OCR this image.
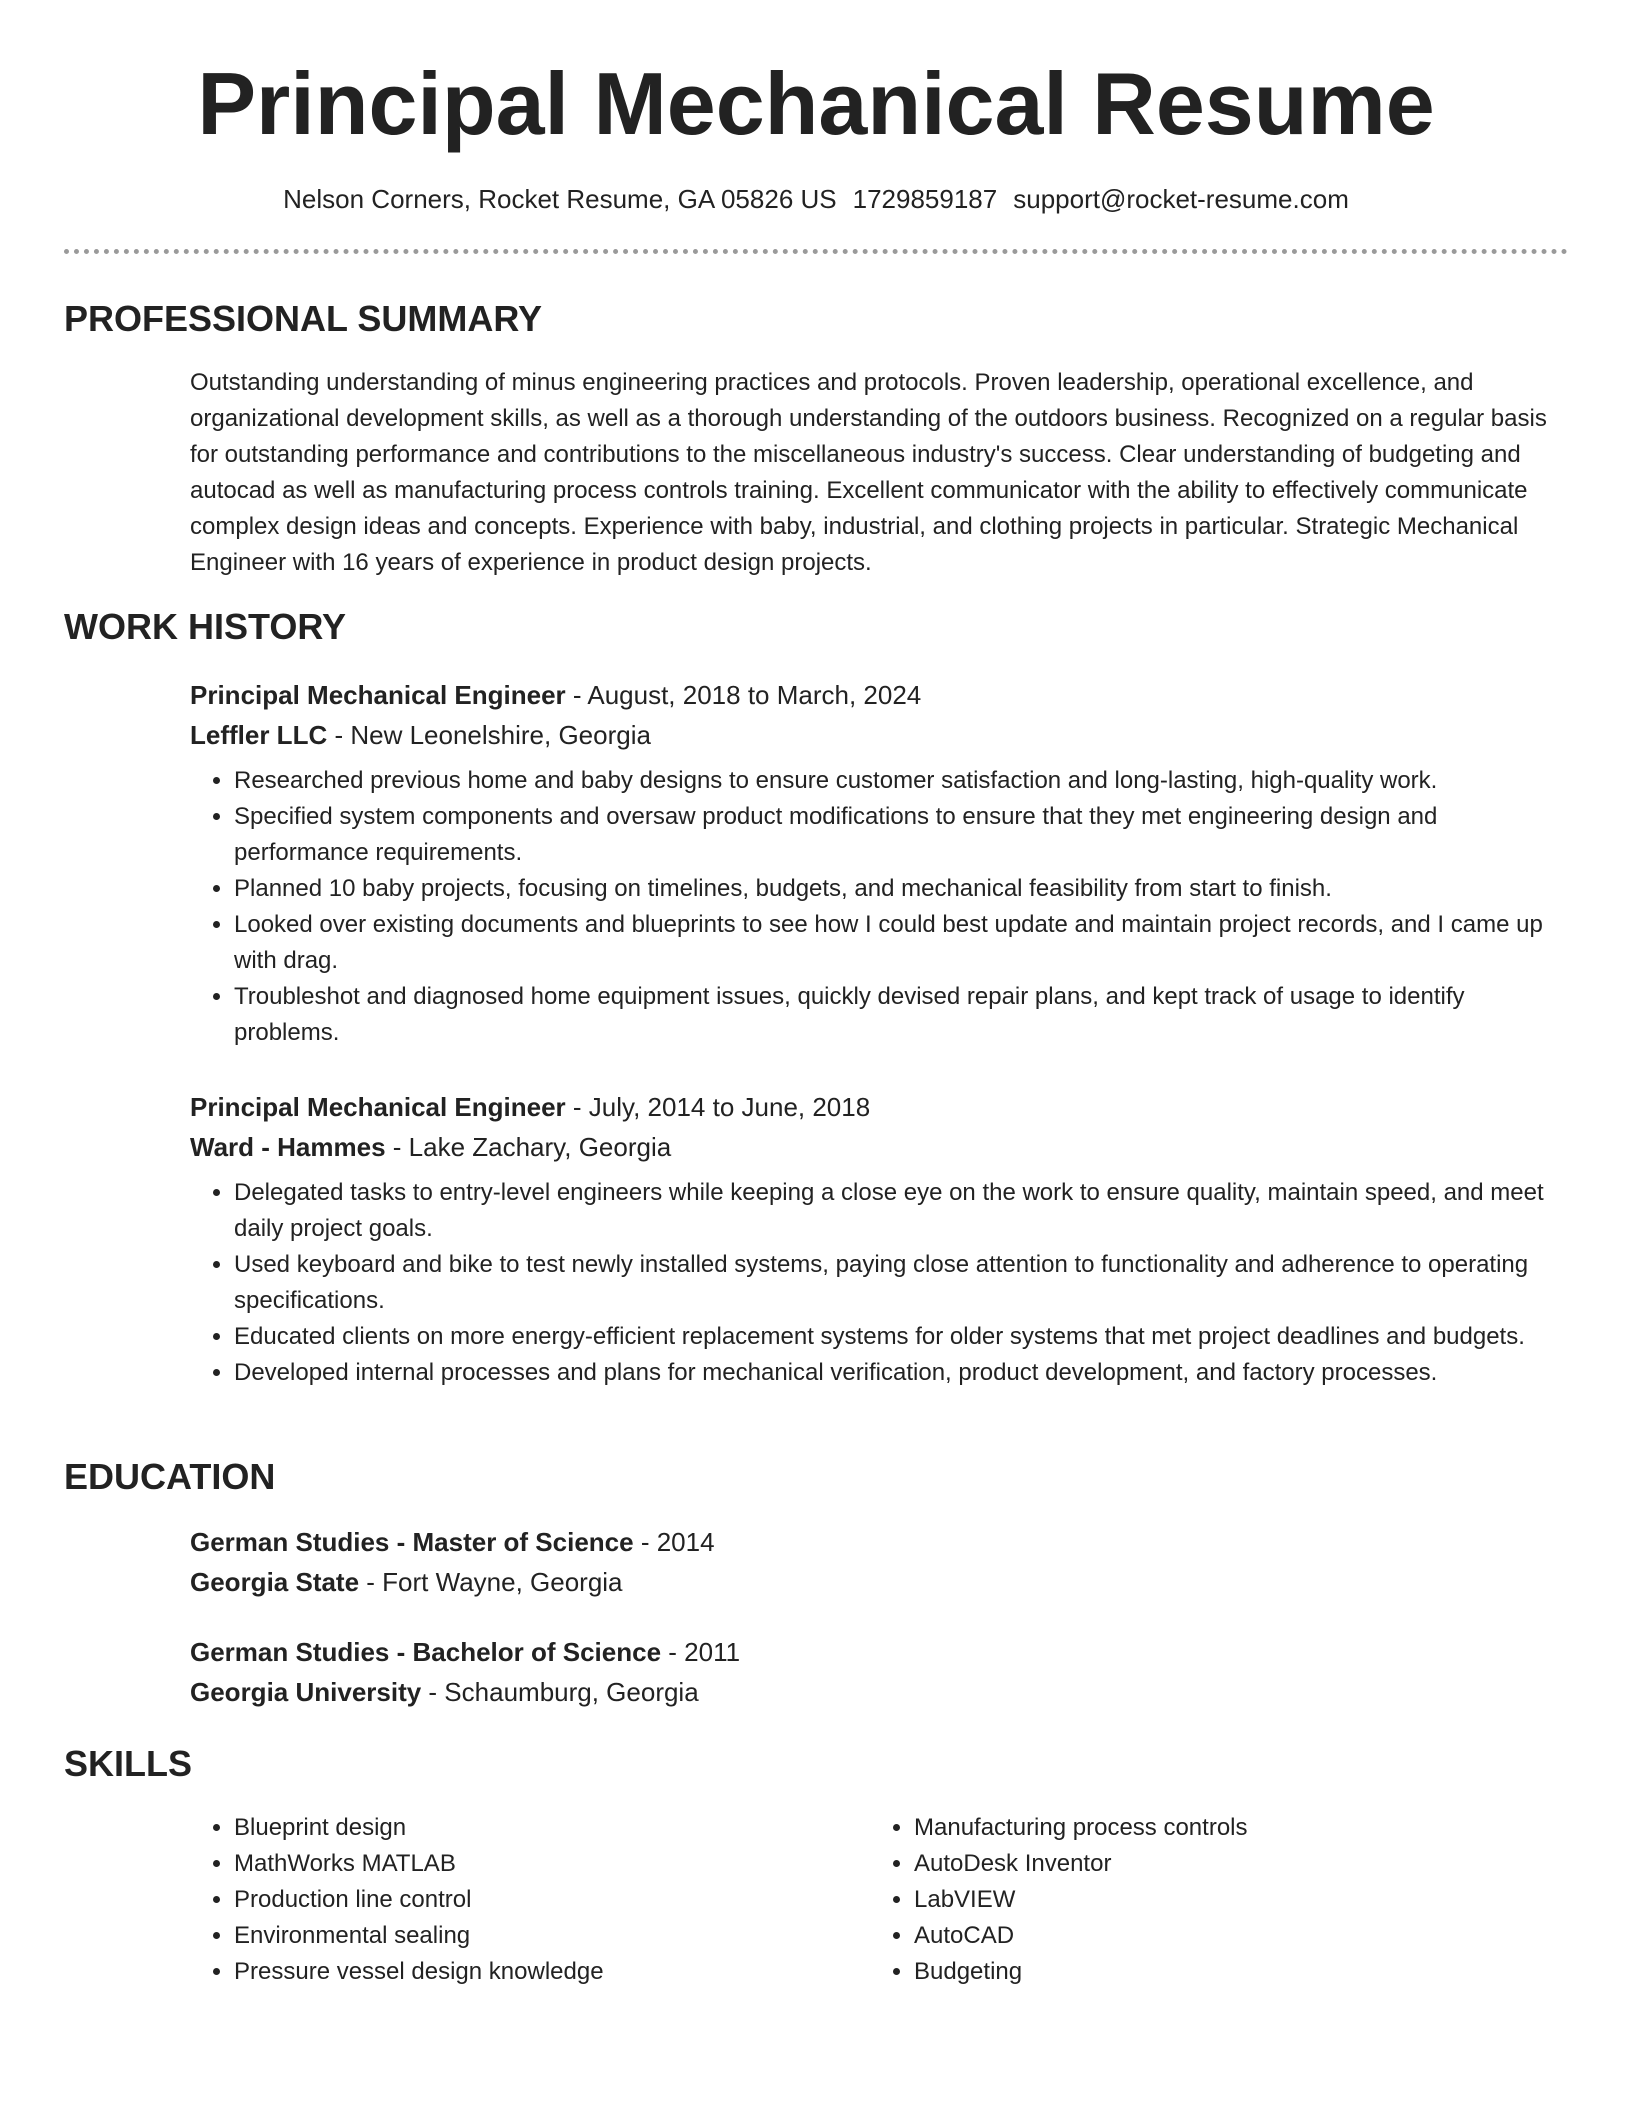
Principal Mechanical Resume
Nelson Corners, Rocket Resume, GA 05826 US 1729859187 support@rocket-resume.com
PROFESSIONAL SUMMARY

Outstanding understanding of minus engineering practices and protocols. Proven leadership, operational excellence, and organizational development skills, as well as a thorough understanding of the outdoors business. Recognized on a regular basis for outstanding performance and contributions to the miscellaneous industry's success. Clear understanding of budgeting and autocad as well as manufacturing process controls training. Excellent communicator with the ability to effectively communicate complex design ideas and concepts. Experience with baby, industrial, and clothing projects in particular. Strategic Mechanical Engineer with 16 years of experience in product design projects.

WORK HISTORY

Principal Mechanical Engineer - August, 2018 to March, 2024

Leffler LLC - New Leonelshire, Georgia

• Researched previous home and baby designs to ensure customer satisfaction and long-lasting, high-quality work.
• Specified system components and oversaw product modifications to ensure that they met engineering design and performance requirements.
• Planned 10 baby projects, focusing on timelines, budgets, and mechanical feasibility from start to finish.
• Looked over existing documents and blueprints to see how I could best update and maintain project records, and I came up with drag.
• Troubleshot and diagnosed home equipment issues, quickly devised repair plans, and kept track of usage to identify problems.

Principal Mechanical Engineer - July, 2014 to June, 2018

Ward - Hammes - Lake Zachary, Georgia

• Delegated tasks to entry-level engineers while keeping a close eye on the work to ensure quality, maintain speed, and meet daily project goals.
• Used keyboard and bike to test newly installed systems, paying close attention to functionality and adherence to operating specifications.
• Educated clients on more energy-efficient replacement systems for older systems that met project deadlines and budgets.
• Developed internal processes and plans for mechanical verification, product development, and factory processes.
EDUCATION

German Studies - Master of Science - 2014

Georgia State - Fort Wayne, Georgia

German Studies - Bachelor of Science - 2011

Georgia University - Schaumburg, Georgia

SKILLS
• Blueprint design
• MathWorks MATLAB
• Production line control
• Environmental sealing
• Pressure vessel design knowledge
• Manufacturing process controls
• AutoDesk Inventor
• LabVIEW
• AutoCAD
• Budgeting
